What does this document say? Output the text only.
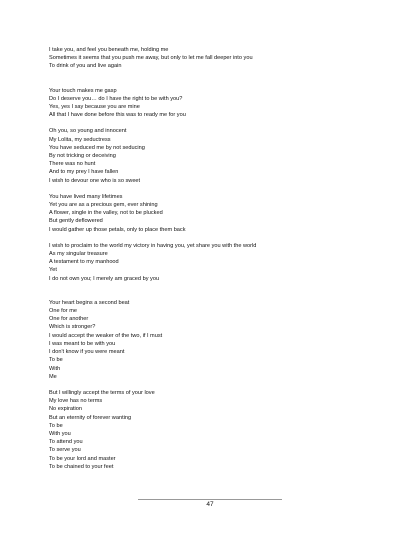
I take you, and feel you beneath me, holding me
Sometimes it seems that you push me away, but only to let me fall deeper into you
To drink of you and live again
Your touch makes me gasp
Do I deserve you… do I have the right to be with you?
Yes, yes I say because you are mine
All that I have done before this was to ready me for you
Oh you, so young and innocent
My Lolita, my seductress
You have seduced me by not seducing
By not tricking or deceiving
There was no hunt
And to my prey I have fallen
I wish to devour one who is so sweet
You have lived many lifetimes
Yet you are as a precious gem, ever shining
A flower, single in the valley, not to be plucked
But gently deflowered
I would gather up those petals, only to place them back
I wish to proclaim to the world my victory in having you, yet share you with the world
As my singular treasure
A testament to my manhood
Yet
I do not own you; I merely am graced by you
Your heart begins a second beat
One for me
One for another
Which is stronger?
I would accept the weaker of the two, if I must
I was meant to be with you
I don't know if you were meant
To be
With
Me
But I willingly accept the terms of your love
My love has no terms
No expiration
But an eternity of forever wanting
To be
With you
To attend you
To serve you
To be your lord and master
To be chained to your feet
47
